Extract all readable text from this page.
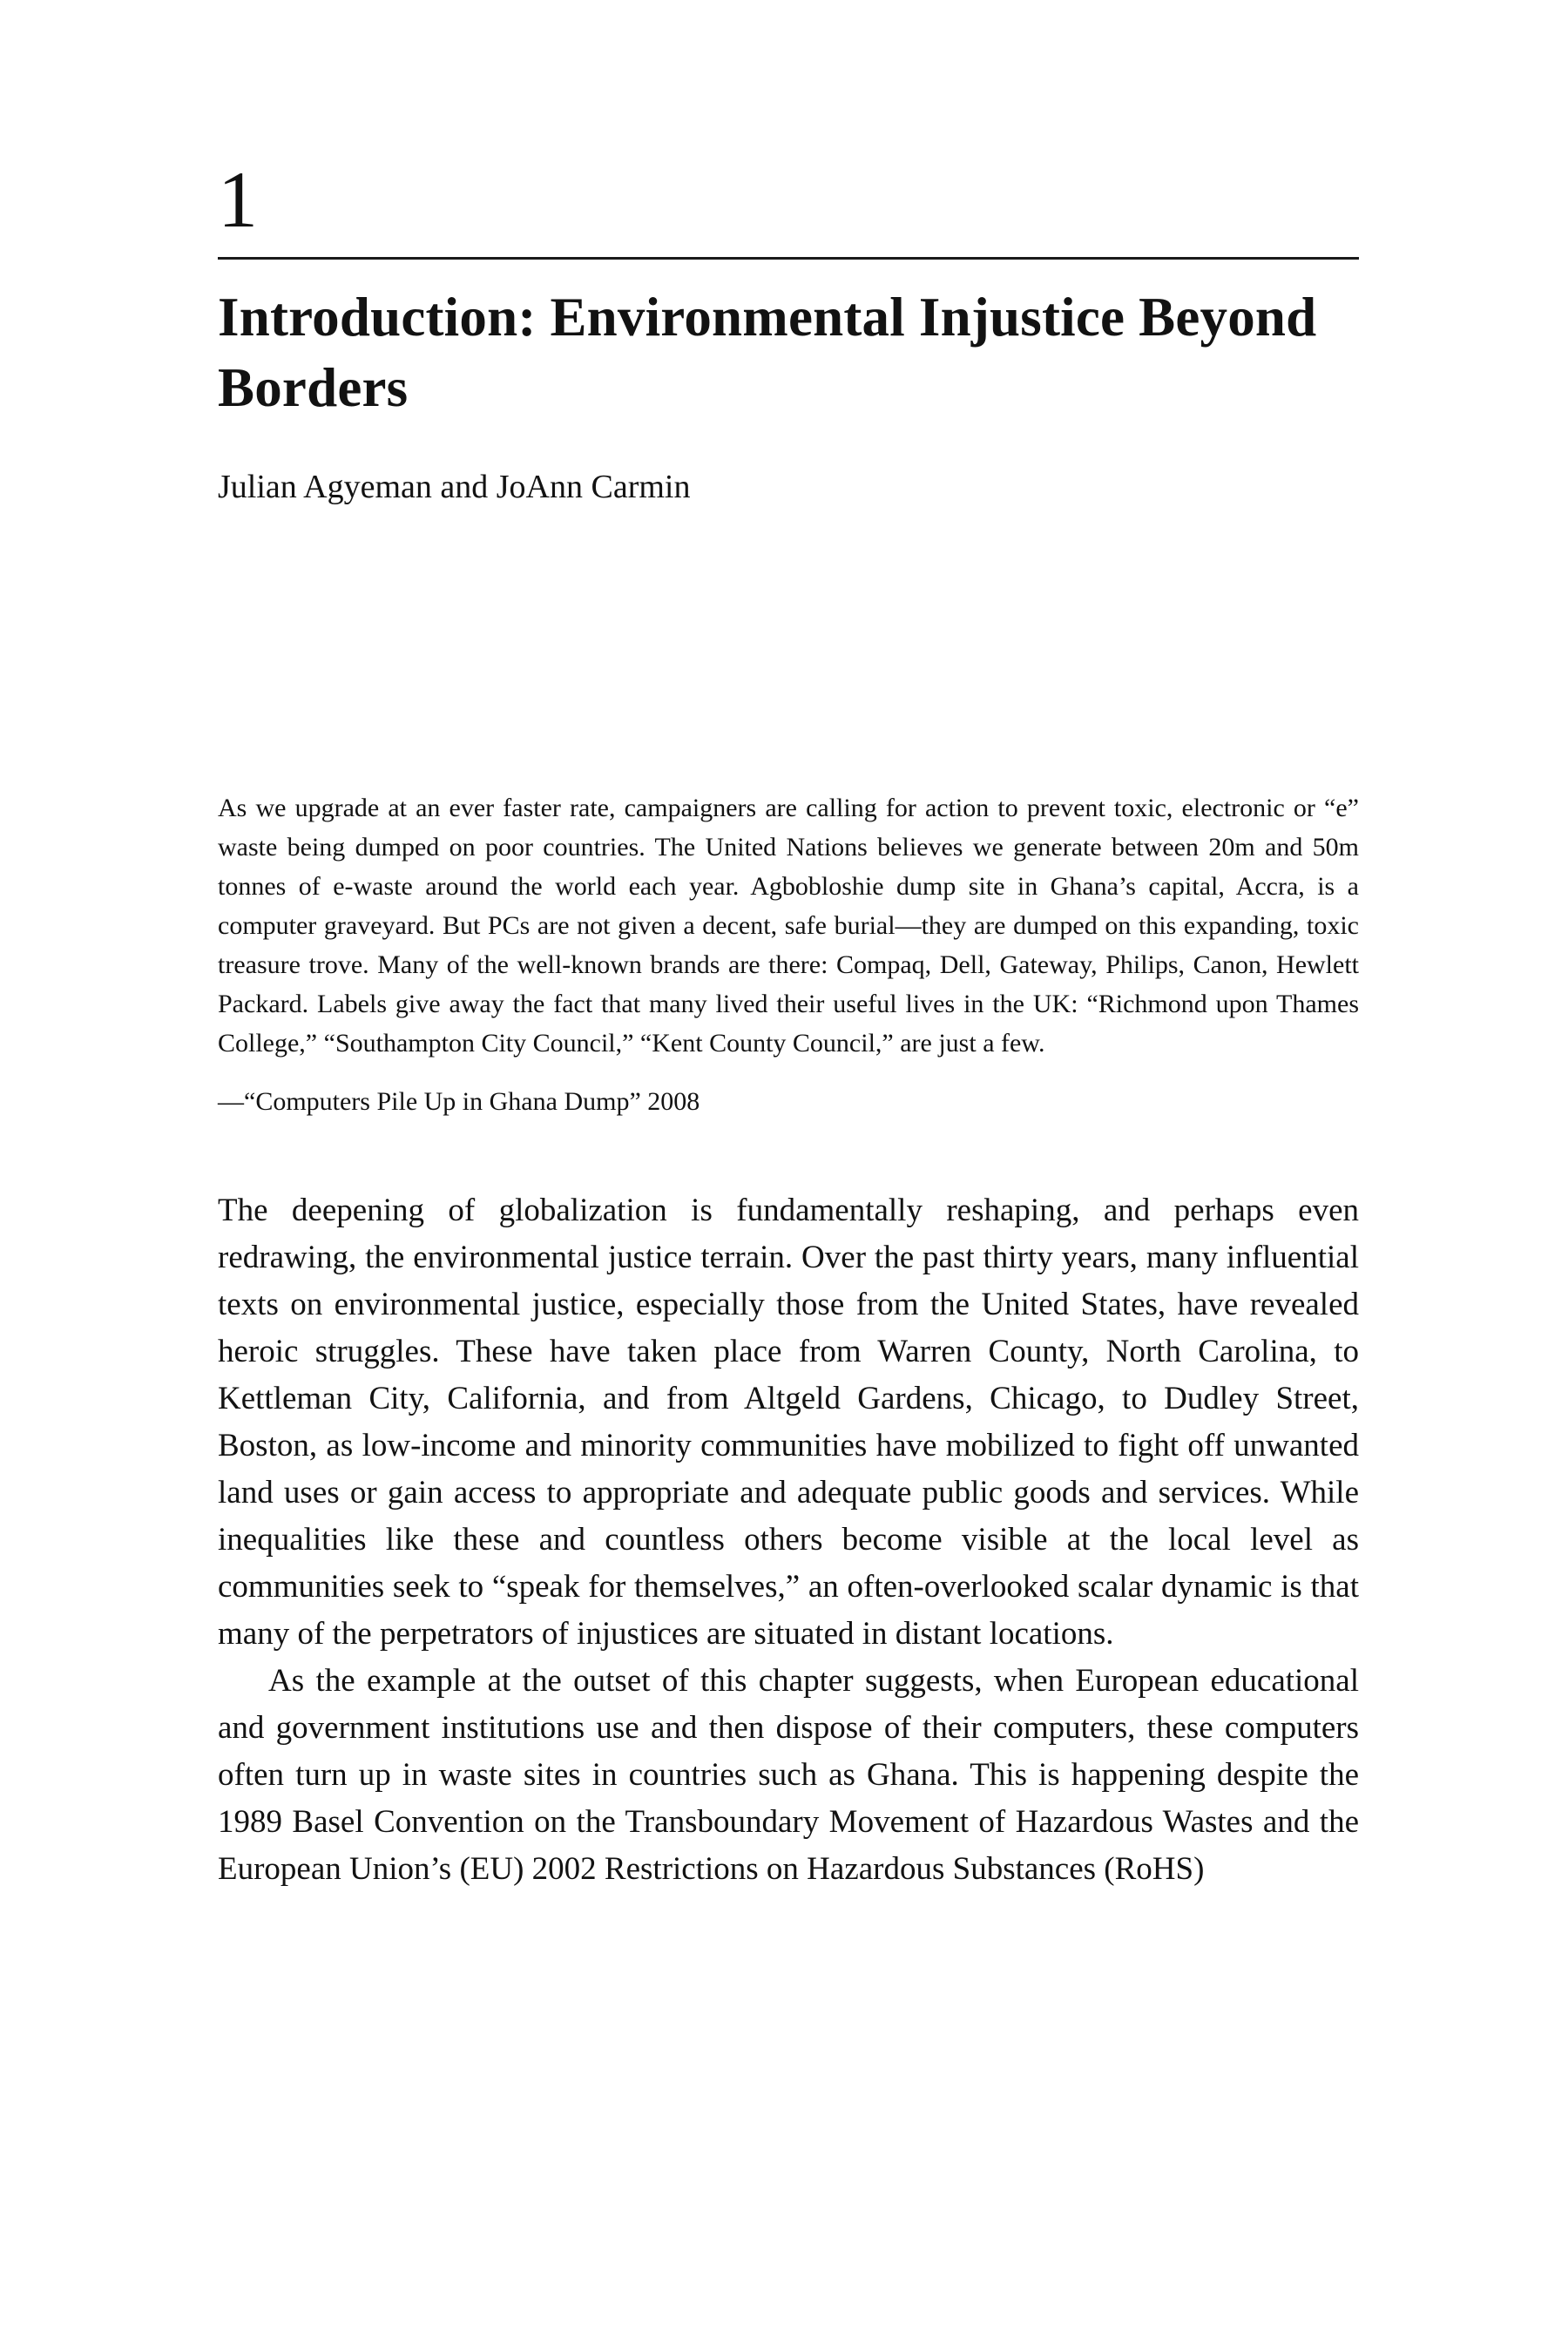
1
Introduction: Environmental Injustice Beyond Borders
Julian Agyeman and JoAnn Carmin
As we upgrade at an ever faster rate, campaigners are calling for action to prevent toxic, electronic or “e” waste being dumped on poor countries. The United Nations believes we generate between 20m and 50m tonnes of e-waste around the world each year. Agbobloshie dump site in Ghana’s capital, Accra, is a computer graveyard. But PCs are not given a decent, safe burial—they are dumped on this expanding, toxic treasure trove. Many of the well-known brands are there: Compaq, Dell, Gateway, Philips, Canon, Hewlett Packard. Labels give away the fact that many lived their useful lives in the UK: “Richmond upon Thames College,” “Southampton City Council,” “Kent County Council,” are just a few.
—“Computers Pile Up in Ghana Dump” 2008

The deepening of globalization is fundamentally reshaping, and perhaps even redrawing, the environmental justice terrain. Over the past thirty years, many influential texts on environmental justice, especially those from the United States, have revealed heroic struggles. These have taken place from Warren County, North Carolina, to Kettleman City, California, and from Altgeld Gardens, Chicago, to Dudley Street, Boston, as low-income and minority communities have mobilized to fight off unwanted land uses or gain access to appropriate and adequate public goods and services. While inequalities like these and countless others become visible at the local level as communities seek to “speak for themselves,” an often-overlooked scalar dynamic is that many of the perpetrators of injustices are situated in distant locations.

As the example at the outset of this chapter suggests, when European educational and government institutions use and then dispose of their computers, these computers often turn up in waste sites in countries such as Ghana. This is happening despite the 1989 Basel Convention on the Transboundary Movement of Hazardous Wastes and the European Union’s (EU) 2002 Restrictions on Hazardous Substances (RoHS)
